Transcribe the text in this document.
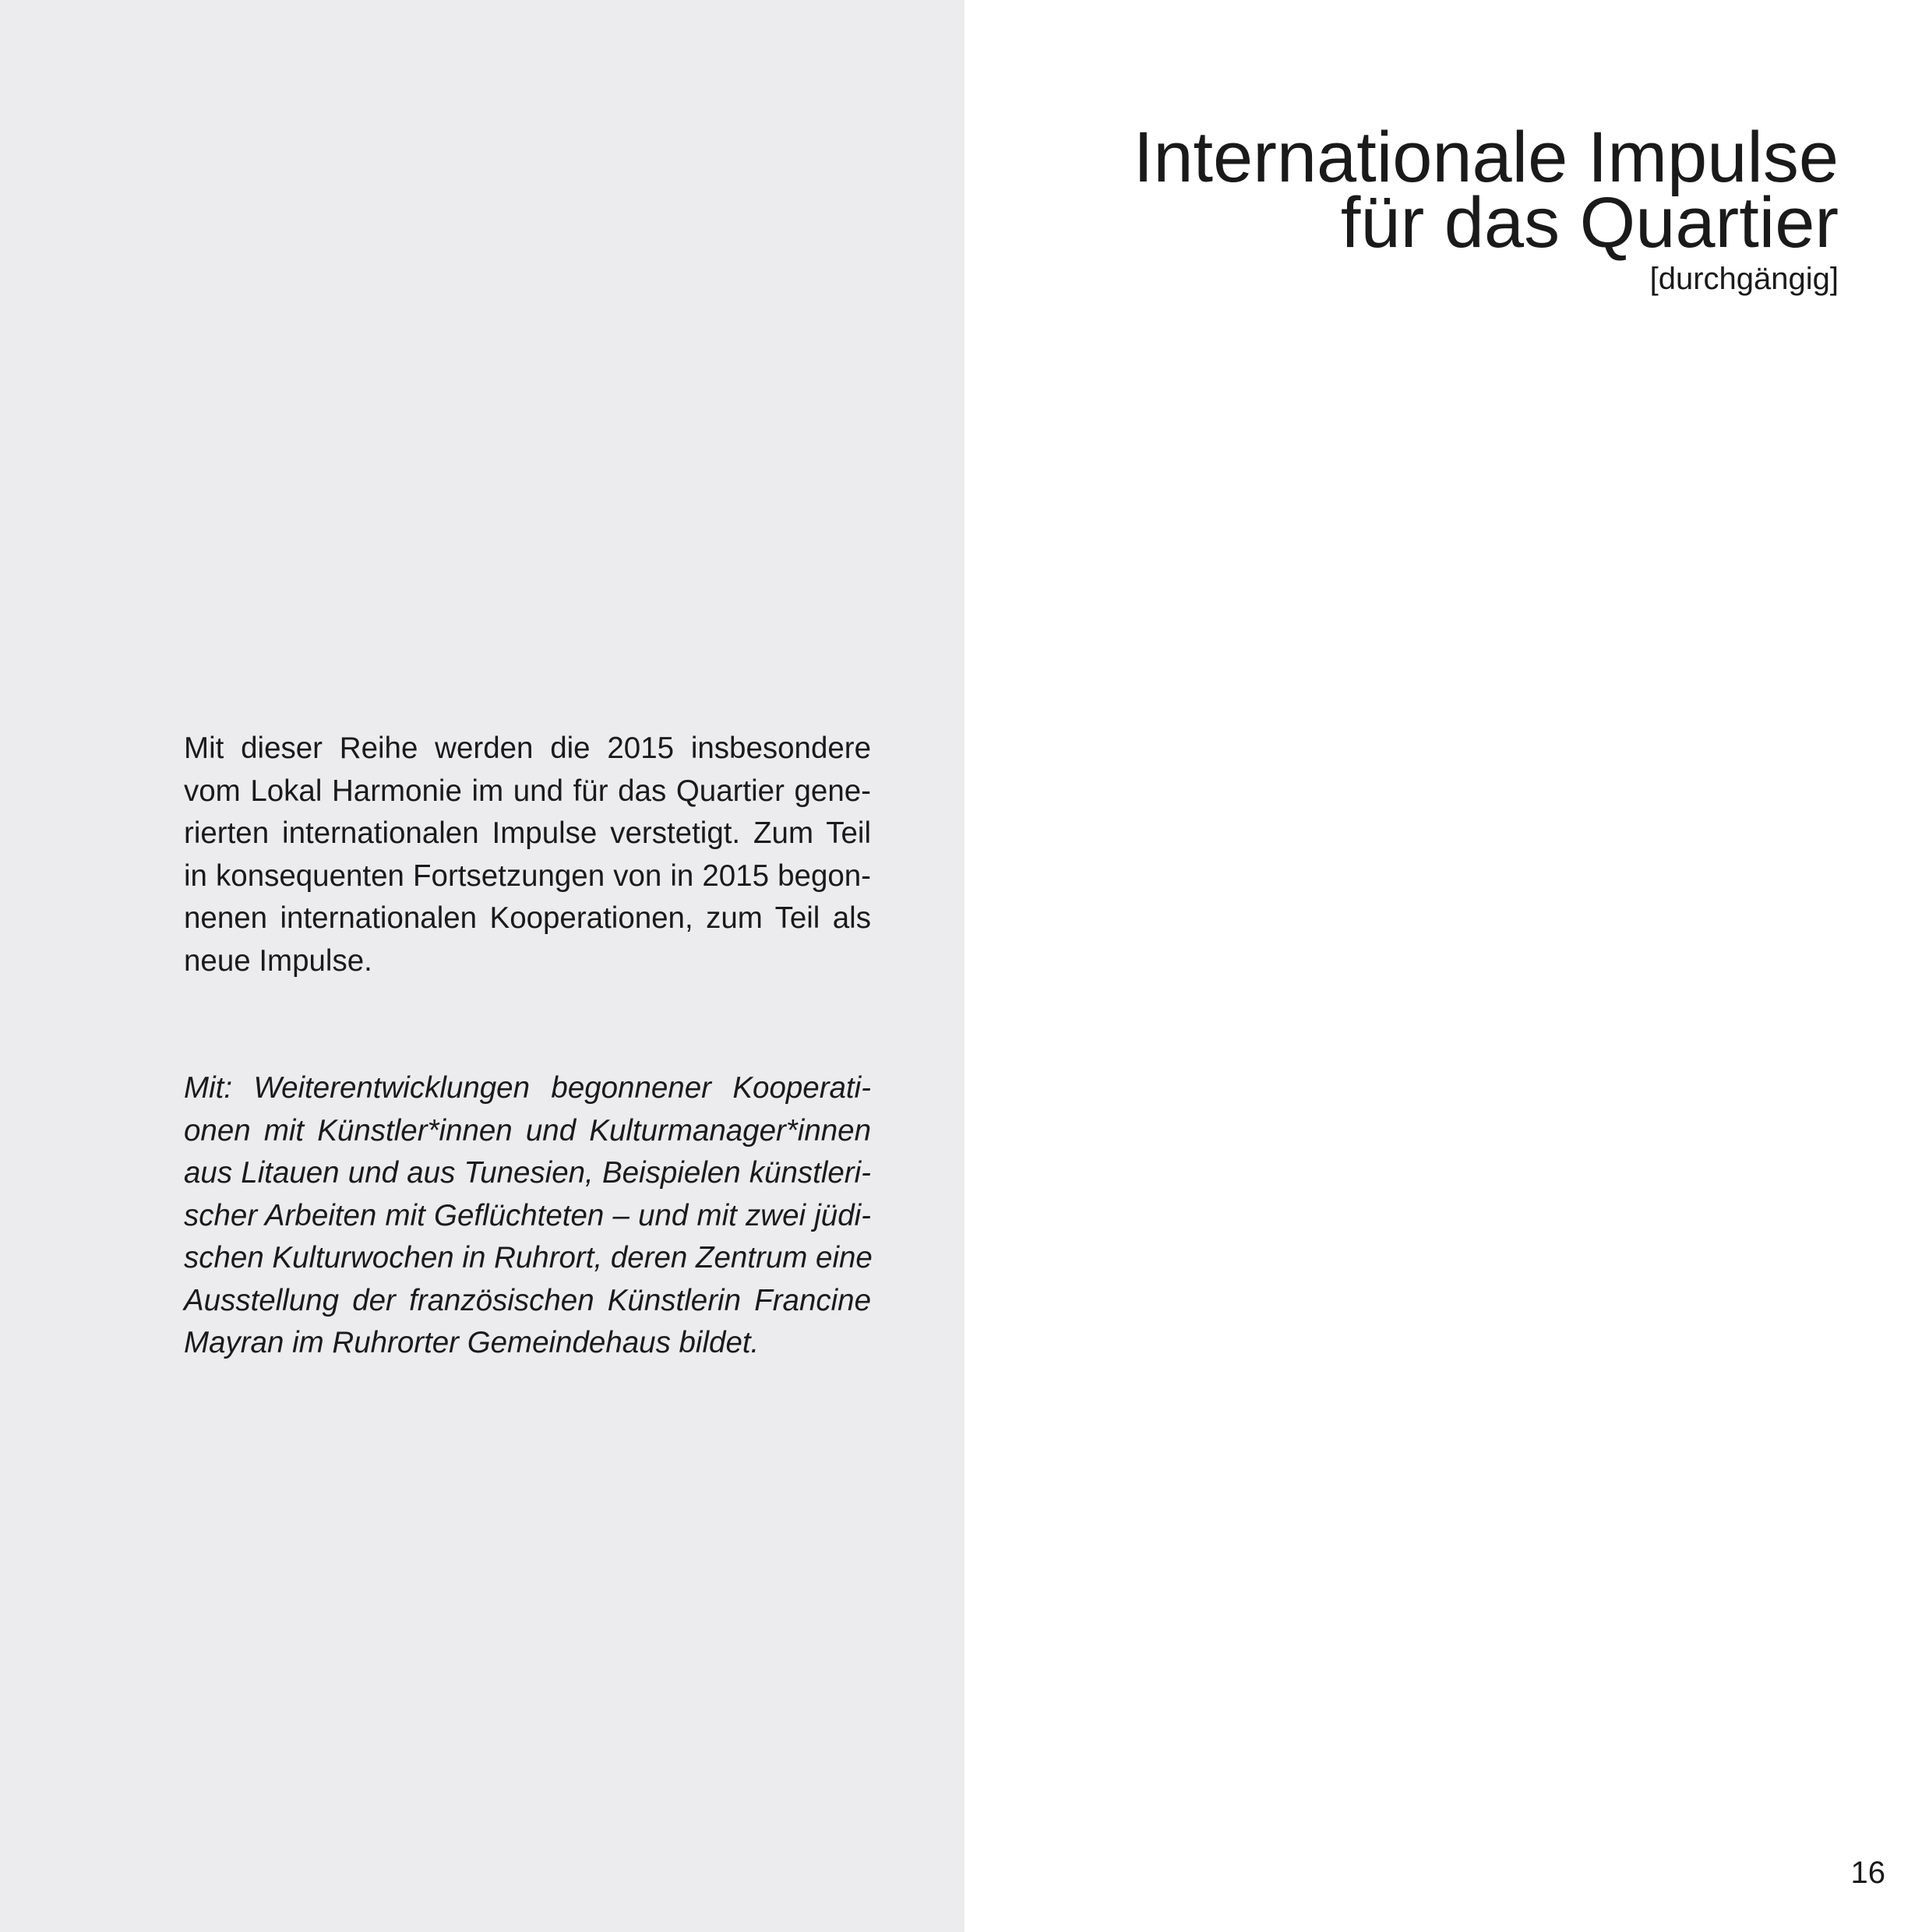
Mit dieser Reihe werden die 2015 insbesondere
vom Lokal Harmonie im und für das Quartier gene-
rierten internationalen Impulse verstetigt. Zum Teil
in konsequenten Fortsetzungen von in 2015 begon-
nenen internationalen Kooperationen, zum Teil als
neue Impulse.
Mit: Weiterentwicklungen begonnener Kooperati-
onen mit Künstler*innen und Kulturmanager*innen
aus Litauen und aus Tunesien, Beispielen künstleri-
scher Arbeiten mit Geflüchteten – und mit zwei jüdi-
schen Kulturwochen in Ruhrort, deren Zentrum eine
Ausstellung der französischen Künstlerin Francine
Mayran im Ruhrorter Gemeindehaus bildet.
Internationale Impulse
für das Quartier
[durchgängig]
16
